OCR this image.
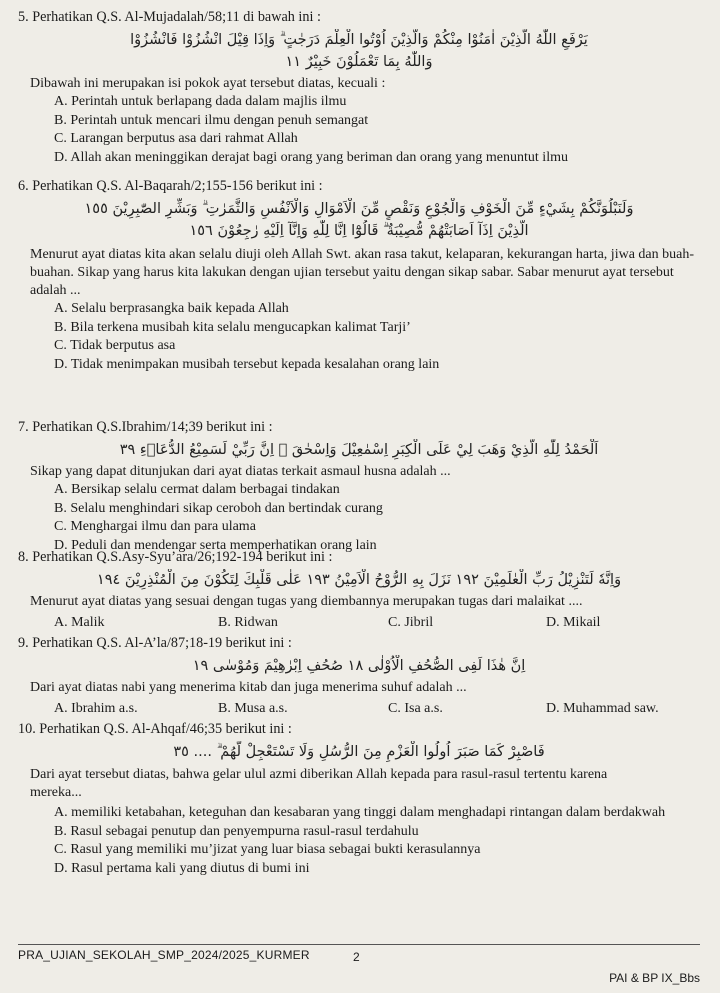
5. Perhatikan Q.S. Al-Mujadalah/58;11 di bawah ini :
يَرْفَعِ اللّٰهُ الَّذِيْنَ اٰمَنُوْا مِنْكُمْ وَالَّذِيْنَ اُوْتُوا الْعِلْمَ دَرَجٰتٍ ۗ وَاِذَا قِيْلَ انْشُزُوْا فَانْشُزُوْا
وَاللّٰهُ بِمَا تَعْمَلُوْنَ خَبِيْرٌ ١١
Dibawah ini merupakan isi pokok ayat tersebut diatas, kecuali :
A. Perintah untuk berlapang dada dalam majlis ilmu
B. Perintah untuk mencari ilmu dengan penuh semangat
C. Larangan berputus asa dari rahmat Allah
D. Allah akan meninggikan derajat bagi orang yang beriman dan orang yang menuntut ilmu
6. Perhatikan Q.S. Al-Baqarah/2;155-156 berikut ini :
وَلَنَبْلُوَنَّكُمْ بِشَيْءٍ مِّنَ الْخَوْفِ وَالْجُوْعِ وَنَقْصٍ مِّنَ الْاَمْوَالِ وَالْاَنْفُسِ وَالثَّمَرٰتِ ۗ وَبَشِّرِ الصّٰبِرِيْنَ ١٥٥
الَّذِيْنَ اِذَآ اَصَابَتْهُمْ مُّصِيْبَةٌ ۗ قَالُوْٓا اِنَّا لِلّٰهِ وَاِنَّآ اِلَيْهِ رٰجِعُوْنَ ١٥٦
Menurut ayat diatas kita akan selalu diuji oleh Allah Swt. akan rasa takut, kelaparan, kekurangan harta, jiwa dan buah-buahan. Sikap yang harus kita lakukan dengan ujian tersebut yaitu dengan sikap sabar. Sabar menurut ayat tersebut adalah ...
A. Selalu berprasangka baik kepada Allah
B. Bila terkena musibah kita selalu mengucapkan kalimat Tarji’
C. Tidak berputus asa
D. Tidak menimpakan musibah tersebut kepada kesalahan orang lain
7. Perhatikan Q.S.Ibrahim/14;39 berikut ini :
اَلْحَمْدُ لِلّٰهِ الَّذِيْ وَهَبَ لِيْ عَلَى الْكِبَرِ اِسْمٰعِيْلَ وَاِسْحٰقَ ۗ اِنَّ رَبِّيْ لَسَمِيْعُ الدُّعَاۤءِ ٣٩
Sikap yang dapat ditunjukan dari ayat diatas terkait asmaul husna adalah ...
A. Bersikap selalu cermat dalam berbagai tindakan
B. Selalu menghindari sikap ceroboh dan bertindak curang
C. Menghargai ilmu dan para ulama
D. Peduli dan mendengar serta memperhatikan orang lain
8. Perhatikan Q.S.Asy-Syu’ara/26;192-194 berikut ini :
وَاِنَّهٗ لَتَنْزِيْلُ رَبِّ الْعٰلَمِيْنَ ١٩٢ نَزَلَ بِهِ الرُّوْحُ الْاَمِيْنُ ١٩٣ عَلٰى قَلْبِكَ لِتَكُوْنَ مِنَ الْمُنْذِرِيْنَ ١٩٤
Menurut ayat diatas yang sesuai dengan tugas yang diembannya merupakan tugas dari malaikat ....
A. Malik	B. Ridwan	C. Jibril	D. Mikail
9. Perhatikan Q.S. Al-A’la/87;18-19 berikut ini :
اِنَّ هٰذَا لَفِى الصُّحُفِ الْاُوْلٰى ١٨ صُحُفِ اِبْرٰهِيْمَ وَمُوْسٰى ١٩
Dari ayat diatas nabi yang menerima kitab dan juga menerima suhuf adalah ...
A. Ibrahim a.s.	B. Musa a.s.	C. Isa a.s.	D. Muhammad saw.
10. Perhatikan Q.S. Al-Ahqaf/46;35 berikut ini :
فَاصْبِرْ كَمَا صَبَرَ اُولُوا الْعَزْمِ مِنَ الرُّسُلِ وَلَا تَسْتَعْجِلْ لَّهُمْ ۗ .... ٣٥
Dari ayat tersebut diatas, bahwa gelar ulul azmi diberikan Allah kepada para rasul-rasul tertentu karena mereka...
A. memiliki ketabahan, keteguhan dan kesabaran yang tinggi dalam menghadapi rintangan dalam berdakwah
B. Rasul sebagai penutup dan penyempurna rasul-rasul terdahulu
C. Rasul yang memiliki mu’jizat yang luar biasa sebagai bukti kerasulannya
D. Rasul pertama kali yang diutus di bumi ini
PRA_UJIAN_SEKOLAH_SMP_2024/2025_KURMER	2
PAI & BP IX_Bbs
